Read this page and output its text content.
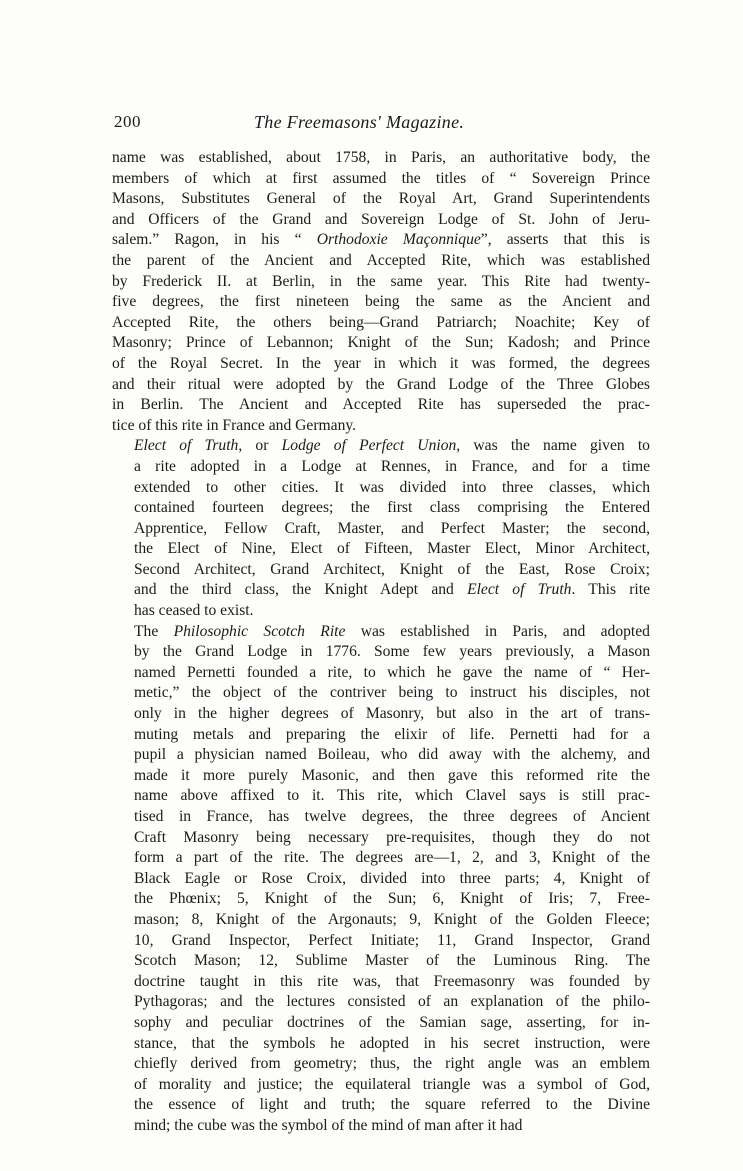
200	The Freemasons' Magazine.

name was established, about 1758, in Paris, an authoritative body, the
members of which at first assumed the titles of “ Sovereign Prince
Masons, Substitutes General of the Royal Art, Grand Superintendents
and Officers of the Grand and Sovereign Lodge of St. John of Jeru-
salem.” Ragon, in his “ Orthodoxie Maçonnique”, asserts that this is
the parent of the Ancient and Accepted Rite, which was established
by Frederick II. at Berlin, in the same year. This Rite had twenty-
five degrees, the first nineteen being the same as the Ancient and
Accepted Rite, the others being—Grand Patriarch; Noachite; Key of
Masonry; Prince of Lebannon; Knight of the Sun; Kadosh; and Prince
of the Royal Secret. In the year in which it was formed, the degrees
and their ritual were adopted by the Grand Lodge of the Three Globes
in Berlin. The Ancient and Accepted Rite has superseded the prac-
tice of this rite in France and Germany.

Elect of Truth, or Lodge of Perfect Union, was the name given to
a rite adopted in a Lodge at Rennes, in France, and for a time
extended to other cities. It was divided into three classes, which
contained fourteen degrees; the first class comprising the Entered
Apprentice, Fellow Craft, Master, and Perfect Master; the second,
the Elect of Nine, Elect of Fifteen, Master Elect, Minor Architect,
Second Architect, Grand Architect, Knight of the East, Rose Croix;
and the third class, the Knight Adept and Elect of Truth. This rite
has ceased to exist.

The Philosophic Scotch Rite was established in Paris, and adopted
by the Grand Lodge in 1776. Some few years previously, a Mason
named Pernetti founded a rite, to which he gave the name of “ Her-
metic,” the object of the contriver being to instruct his disciples, not
only in the higher degrees of Masonry, but also in the art of trans-
muting metals and preparing the elixir of life. Pernetti had for a
pupil a physician named Boileau, who did away with the alchemy, and
made it more purely Masonic, and then gave this reformed rite the
name above affixed to it. This rite, which Clavel says is still prac-
tised in France, has twelve degrees, the three degrees of Ancient
Craft Masonry being necessary pre-requisites, though they do not
form a part of the rite. The degrees are—1, 2, and 3, Knight of the
Black Eagle or Rose Croix, divided into three parts; 4, Knight of
the Phœnix; 5, Knight of the Sun; 6, Knight of Iris; 7, Free-
mason; 8, Knight of the Argonauts; 9, Knight of the Golden Fleece;
10, Grand Inspector, Perfect Initiate; 11, Grand Inspector, Grand
Scotch Mason; 12, Sublime Master of the Luminous Ring. The
doctrine taught in this rite was, that Freemasonry was founded by
Pythagoras; and the lectures consisted of an explanation of the philo-
sophy and peculiar doctrines of the Samian sage, asserting, for in-
stance, that the symbols he adopted in his secret instruction, were
chiefly derived from geometry; thus, the right angle was an emblem
of morality and justice; the equilateral triangle was a symbol of God,
the essence of light and truth; the square referred to the Divine
mind; the cube was the symbol of the mind of man after it had
